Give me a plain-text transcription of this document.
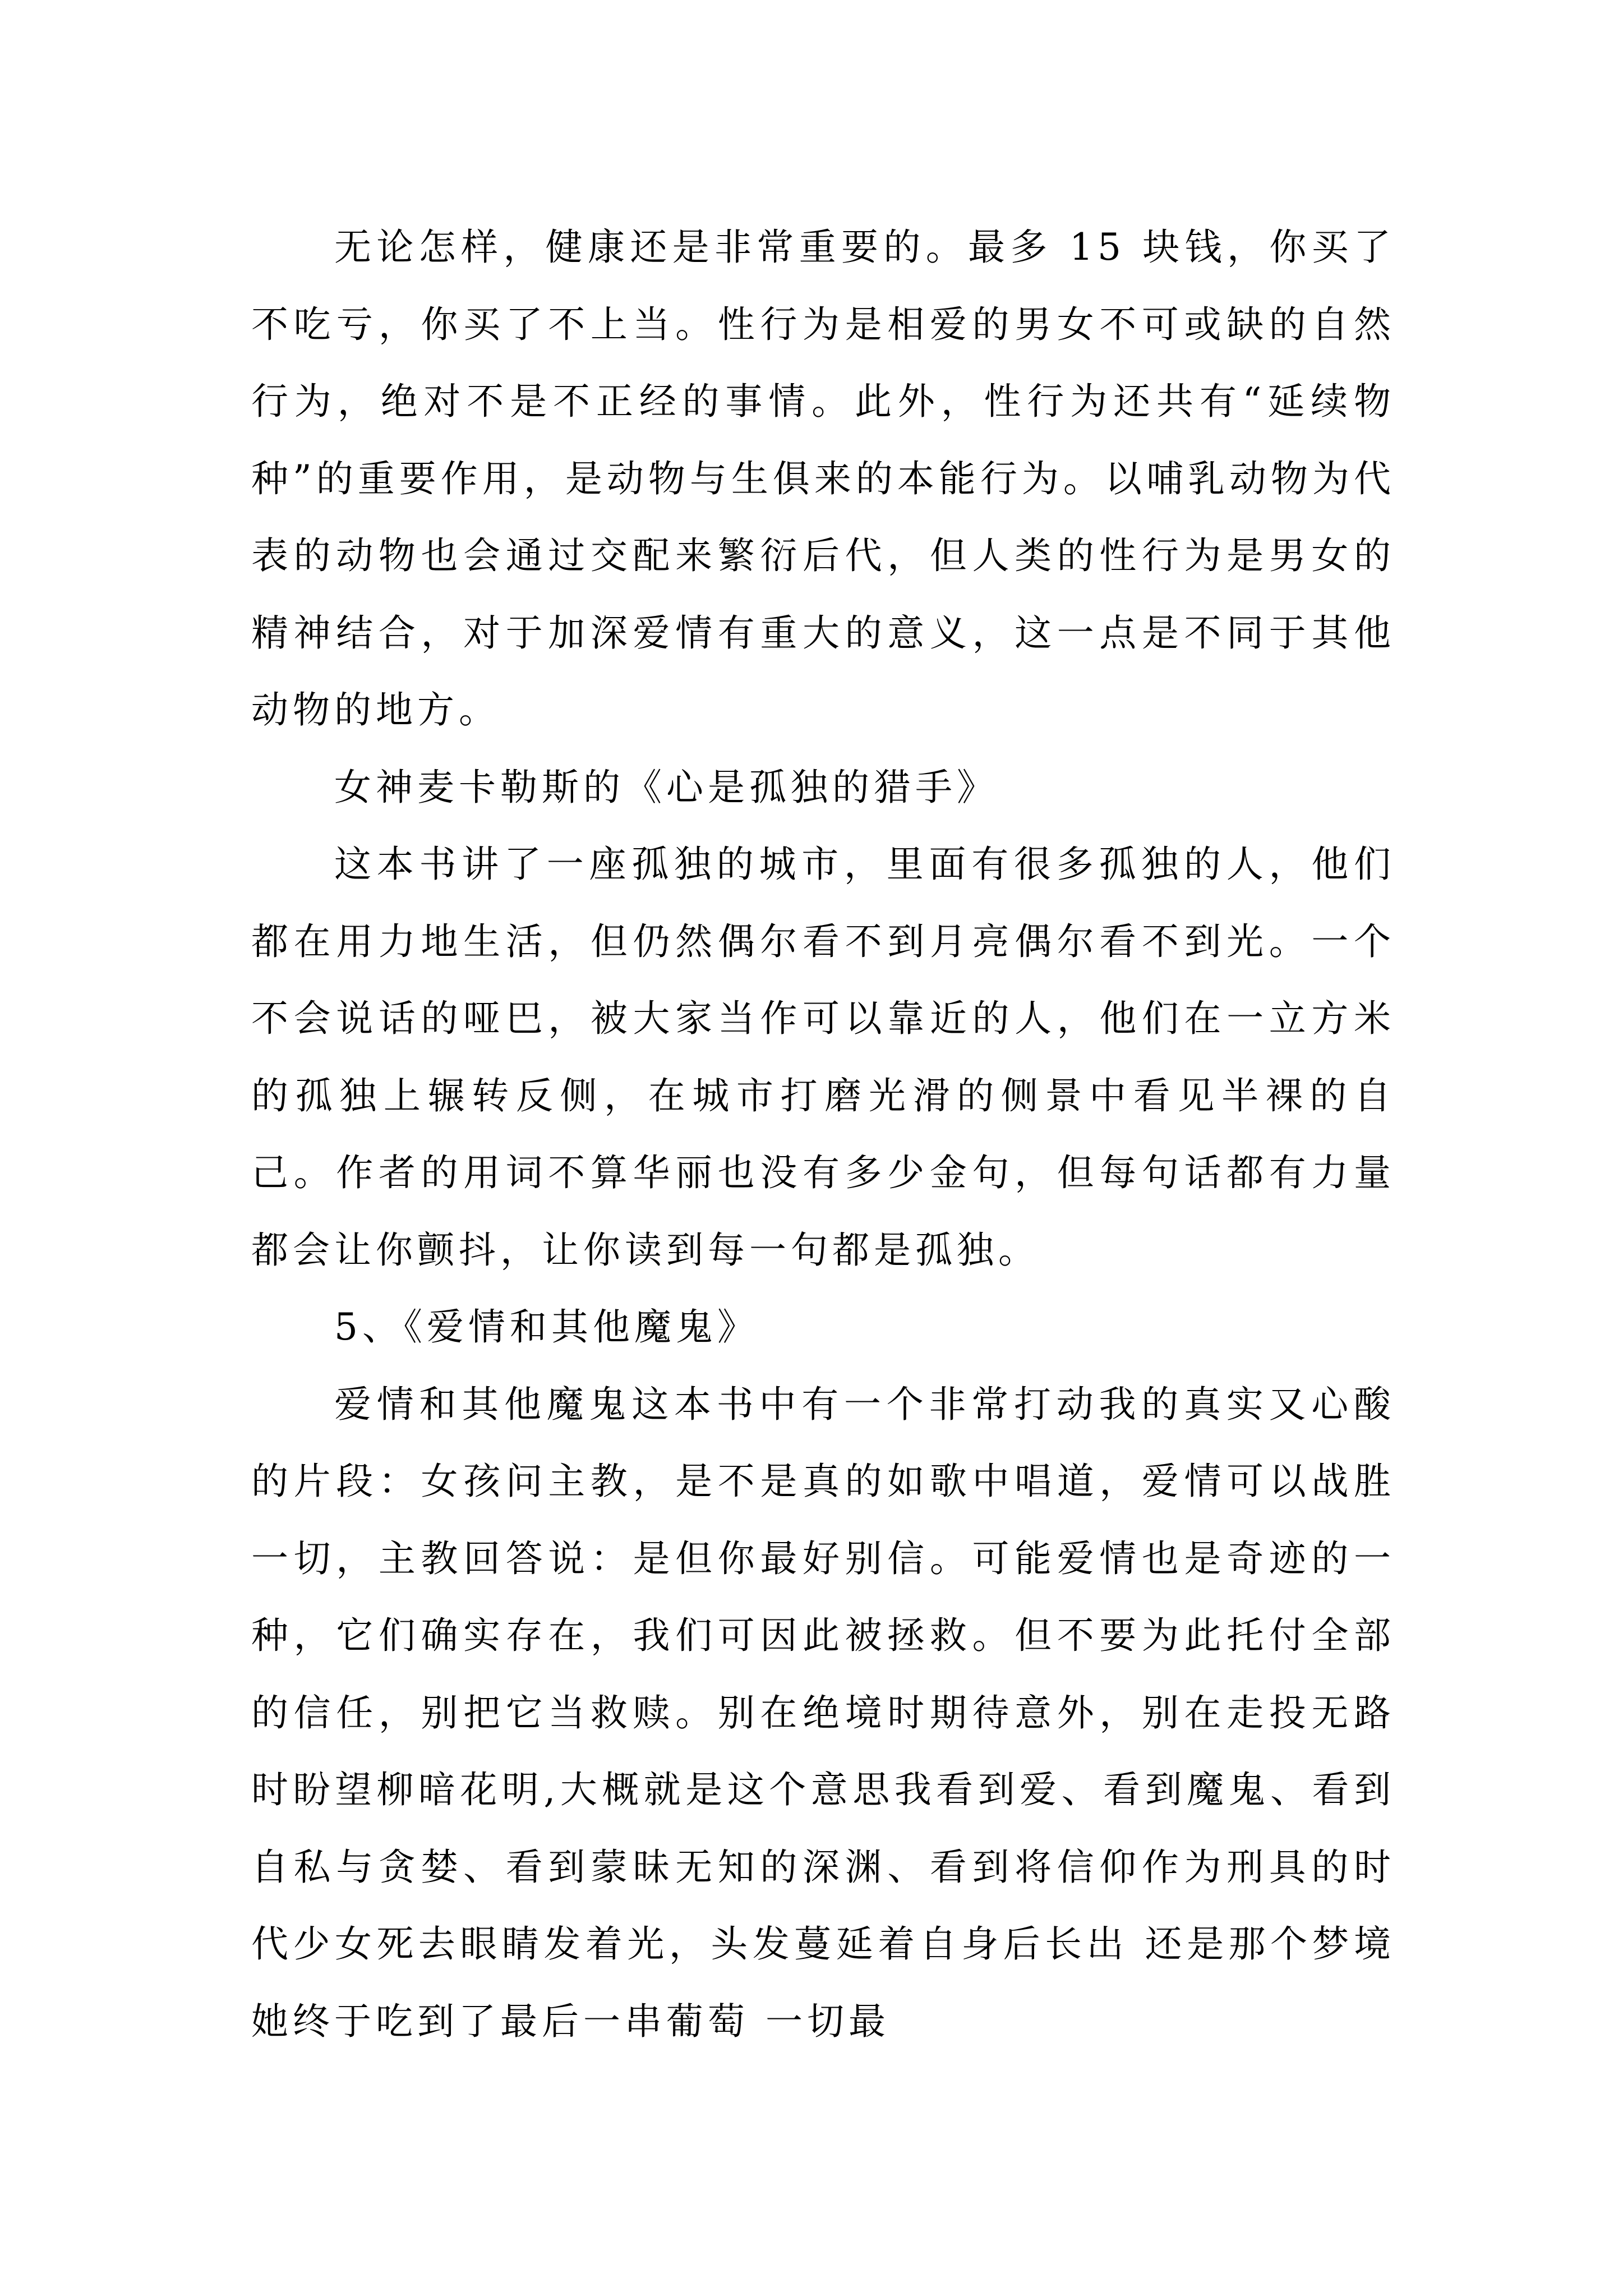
无论怎样，健康还是非常重要的。最多 15 块钱，你买了不吃亏，你买了不上当。性行为是相爱的男女不可或缺的自然行为，绝对不是不正经的事情。此外，性行为还共有“延续物种”的重要作用，是动物与生俱来的本能行为。以哺乳动物为代表的动物也会通过交配来繁衍后代，但人类的性行为是男女的精神结合，对于加深爱情有重大的意义，这一点是不同于其他动物的地方。

女神麦卡勒斯的《心是孤独的猎手》

这本书讲了一座孤独的城市，里面有很多孤独的人，他们都在用力地生活，但仍然偶尔看不到月亮偶尔看不到光。一个不会说话的哑巴，被大家当作可以靠近的人，他们在一立方米的孤独上辗转反侧，在城市打磨光滑的侧景中看见半裸的自己。作者的用词不算华丽也没有多少金句，但每句话都有力量都会让你颤抖，让你读到每一句都是孤独。

5、《爱情和其他魔鬼》

爱情和其他魔鬼这本书中有一个非常打动我的真实又心酸的片段：女孩问主教，是不是真的如歌中唱道，爱情可以战胜一切，主教回答说：是但你最好别信。可能爱情也是奇迹的一种，它们确实存在，我们可因此被拯救。但不要为此托付全部的信任，别把它当救赎。别在绝境时期待意外，别在走投无路时盼望柳暗花明,大概就是这个意思我看到爱、看到魔鬼、看到自私与贪婪、看到蒙昧无知的深渊、看到将信仰作为刑具的时代少女死去眼睛发着光，头发蔓延着自身后长出 还是那个梦境 她终于吃到了最后一串葡萄 一切最
